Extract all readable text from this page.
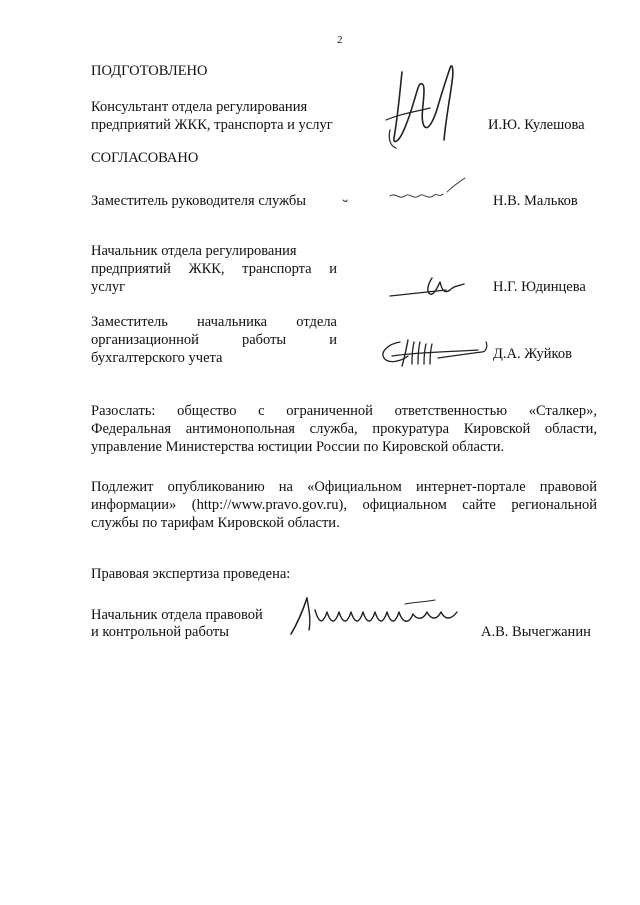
2
ПОДГОТОВЛЕНО
Консультант отдела регулирования
предприятий ЖКК, транспорта и услуг	И.Ю. Кулешова
СОГЛАСОВАНО
Заместитель руководителя службы	Н.В. Мальков
Начальник отдела регулирования
предприятий ЖКК, транспорта и
услуг	Н.Г. Юдинцева
Заместитель начальника отдела
организационной работы и
бухгалтерского учета	Д.А. Жуйков
Разослать: общество с ограниченной ответственностью «Сталкер»,
Федеральная антимонопольная служба, прокуратура Кировской области,
управление Министерства юстиции России по Кировской области.
Подлежит опубликованию на «Официальном интернет-портале правовой
информации» (http://www.pravo.gov.ru), официальном сайте региональной
службы по тарифам Кировской области.
Правовая экспертиза проведена:
Начальник отдела правовой
и контрольной работы	А.В. Вычегжанин
